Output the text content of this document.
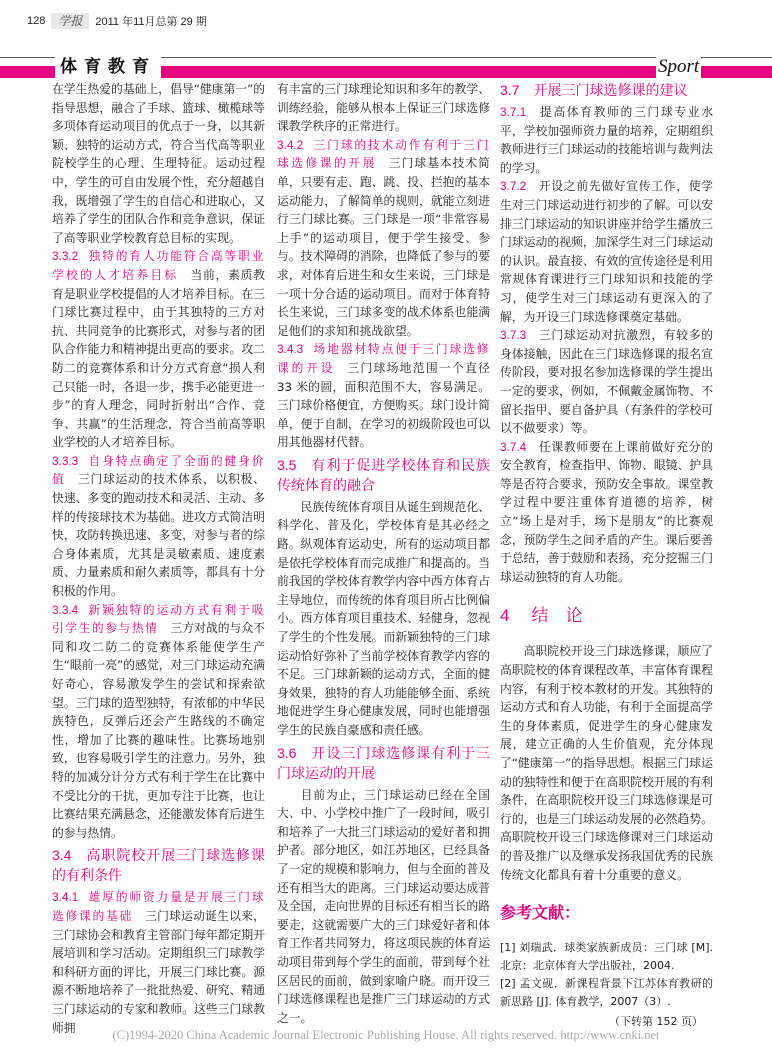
128	学报	2011 年11月总第 29 期
体育教育	Sport

在学生热爱的基础上，倡导“健康第一”的指导思想，融合了手球、篮球、橄榄球等多项体育运动项目的优点于一身，以其新颖、独特的运动方式，符合当代高等职业院校学生的心理、生理特征。运动过程中，学生的可自由发展个性，充分超越自我，既增强了学生的自信心和进取心，又培养了学生的团队合作和竞争意识，保证了高等职业学校教育总目标的实现。

3.3.2 独特的育人功能符合高等职业学校的人才培养目标 当前，素质教育是职业学校提倡的人才培养目标。在三门球比赛过程中，由于其独特的三方对抗、共同竞争的比赛形式，对参与者的团队合作能力和精神提出更高的要求。攻二防二的竞赛体系和计分方式育意“损人利己只能一时，各退一步，携手必能更进一步”的育人理念，同时折射出“合作、竞争、共赢”的生活理念，符合当前高等职业学校的人才培养目标。

3.3.3 自身特点确定了全面的健身价值 三门球运动的技术体系，以积极、快速、多变的跑动技术和灵活、主动、多样的传接球技术为基础。进攻方式简洁明快，攻防转换迅速、多变，对参与者的综合身体素质，尤其是灵敏素质、速度素质、力量素质和耐久素质等，都具有十分积极的作用。

3.3.4 新颖独特的运动方式有利于吸引学生的参与热情 三方对战的与众不同和攻二防二的竞赛体系能使学生产生“眼前一亮”的感觉，对三门球运动充满好奇心，容易激发学生的尝试和探索欲望。三门球的造型独特，有浓郁的中华民族特色，反弹后还会产生路线的不确定性，增加了比赛的趣味性。比赛场地别致，也容易吸引学生的注意力。另外，独特的加减分计分方式有利于学生在比赛中不受比分的干扰，更加专注于比赛，也让比赛结果充满悬念，还能激发体育后进生的参与热情。

3.4 高职院校开展三门球选修课的有利条件

3.4.1 雄厚的师资力量是开展三门球选修课的基础 三门球运动诞生以来，三门球协会和教育主管部门每年都定期开展培训和学习活动。定期组织三门球教学和科研方面的评比，开展三门球比赛。源源不断地培养了一批批热爱、研究、精通三门球运动的专家和教师。这些三门球教师拥

有丰富的三门球理论知识和多年的教学、训练经验，能够从根本上保证三门球选修课教学秩序的正常进行。

3.4.2 三门球的技术动作有利于三门球选修课的开展 三门球基本技术简单，只要有走、跑、跳、投、拦抱的基本运动能力，了解简单的规则，就能立刻进行三门球比赛。三门球是一项“非常容易上手”的运动项目，便于学生接受、参与。技术障碍的消除，也降低了参与的要求，对体育后进生和女生来说，三门球是一项十分合适的运动项目。而对于体育特长生来说，三门球多变的战术体系也能满足他们的求知和挑战欲望。

3.4.3 场地器材特点便于三门球选修课的开设 三门球场地范围一个直径 33 米的圆，面积范围不大，容易满足。三门球价格便宜，方便购买。球门设计简单，便于自制，在学习的初级阶段也可以用其他器材代替。

3.5 有利于促进学校体育和民族传统体育的融合

民族传统体育项目从诞生到规范化、科学化、普及化，学校体育是其必经之路。纵观体育运动史，所有的运动项目都是依托学校体育而完成推广和提高的。当前我国的学校体育教学内容中西方体育占主导地位，而传统的体育项目所占比例偏小。西方体育项目重技术、轻健身，忽视了学生的个性发展。而新颖独特的三门球运动恰好弥补了当前学校体育教学内容的不足。三门球新颖的运动方式，全面的健身效果，独特的育人功能能够全面、系统地促进学生身心健康发展，同时也能增强学生的民族自豪感和责任感。

3.6 开设三门球选修课有利于三门球运动的开展

目前为止，三门球运动已经在全国大、中、小学校中推广了一段时间，吸引和培养了一大批三门球运动的爱好者和拥护者。部分地区，如江苏地区，已经具备了一定的规模和影响力，但与全面的普及还有相当大的距离。三门球运动要达成普及全国，走向世界的目标还有相当长的路要走，这就需要广大的三门球爱好者和体育工作者共同努力，将这项民族的体育运动项目带到每个学生的面前，带到每个社区居民的面前，做到家喻户晓。而开设三门球选修课程也是推广三门球运动的方式之一。

3.7 开展三门球选修课的建议

3.7.1 提高体育教师的三门球专业水平，学校加强师资力量的培养，定期组织教师进行三门球运动的技能培训与裁判法的学习。

3.7.2 开设之前先做好宣传工作，使学生对三门球运动进行初步的了解。可以安排三门球运动的知识讲座并给学生播放三门球运动的视频，加深学生对三门球运动的认识。最直接、有效的宣传途径是利用常规体育课进行三门球知识和技能的学习，使学生对三门球运动有更深入的了解，为开设三门球选修课奠定基础。

3.7.3 三门球运动对抗激烈，有较多的身体接触，因此在三门球选修课的报名宣传阶段，要对报名参加选修课的学生提出一定的要求，例如，不佩戴金属饰物、不留长指甲、要自备护具（有条件的学校可以不做要求）等。

3.7.4 任课教师要在上课前做好充分的安全教育，检查指甲、饰物、眼镜、护具等是否符合要求，预防安全事故。课堂教学过程中要注重体育道德的培养，树立“场上是对手，场下是朋友”的比赛观念，预防学生之间矛盾的产生。课后要善于总结，善于鼓励和表扬，充分挖掘三门球运动独特的育人功能。

4 结　论

高职院校开设三门球选修课，顺应了高职院校的体育课程改革，丰富体育课程内容，有利于校本教材的开发。其独特的运动方式和育人功能，有利于全面提高学生的身体素质，促进学生的身心健康发展，建立正确的人生价值观，充分体现了“健康第一”的指导思想。根据三门球运动的独特性和便于在高职院校开展的有利条件，在高职院校开设三门球选修课是可行的，也是三门球运动发展的必然趋势。高职院校开设三门球选修课对三门球运动的普及推广以及继承发扬我国优秀的民族传统文化都具有着十分重要的意义。

参考文献：

[1] 刘瑞武．球类家族新成员：三门球 [M]. 北京：北京体育大学出版社，2004.

[2] 孟文砚．新课程背景下江苏体育教研的新思路 [J]. 体育教学，2007（3）.

（下转第 152 页）

(C)1994-2020 China Academic Journal Electronic Publishing House. All rights reserved. http://www.cnki.net
